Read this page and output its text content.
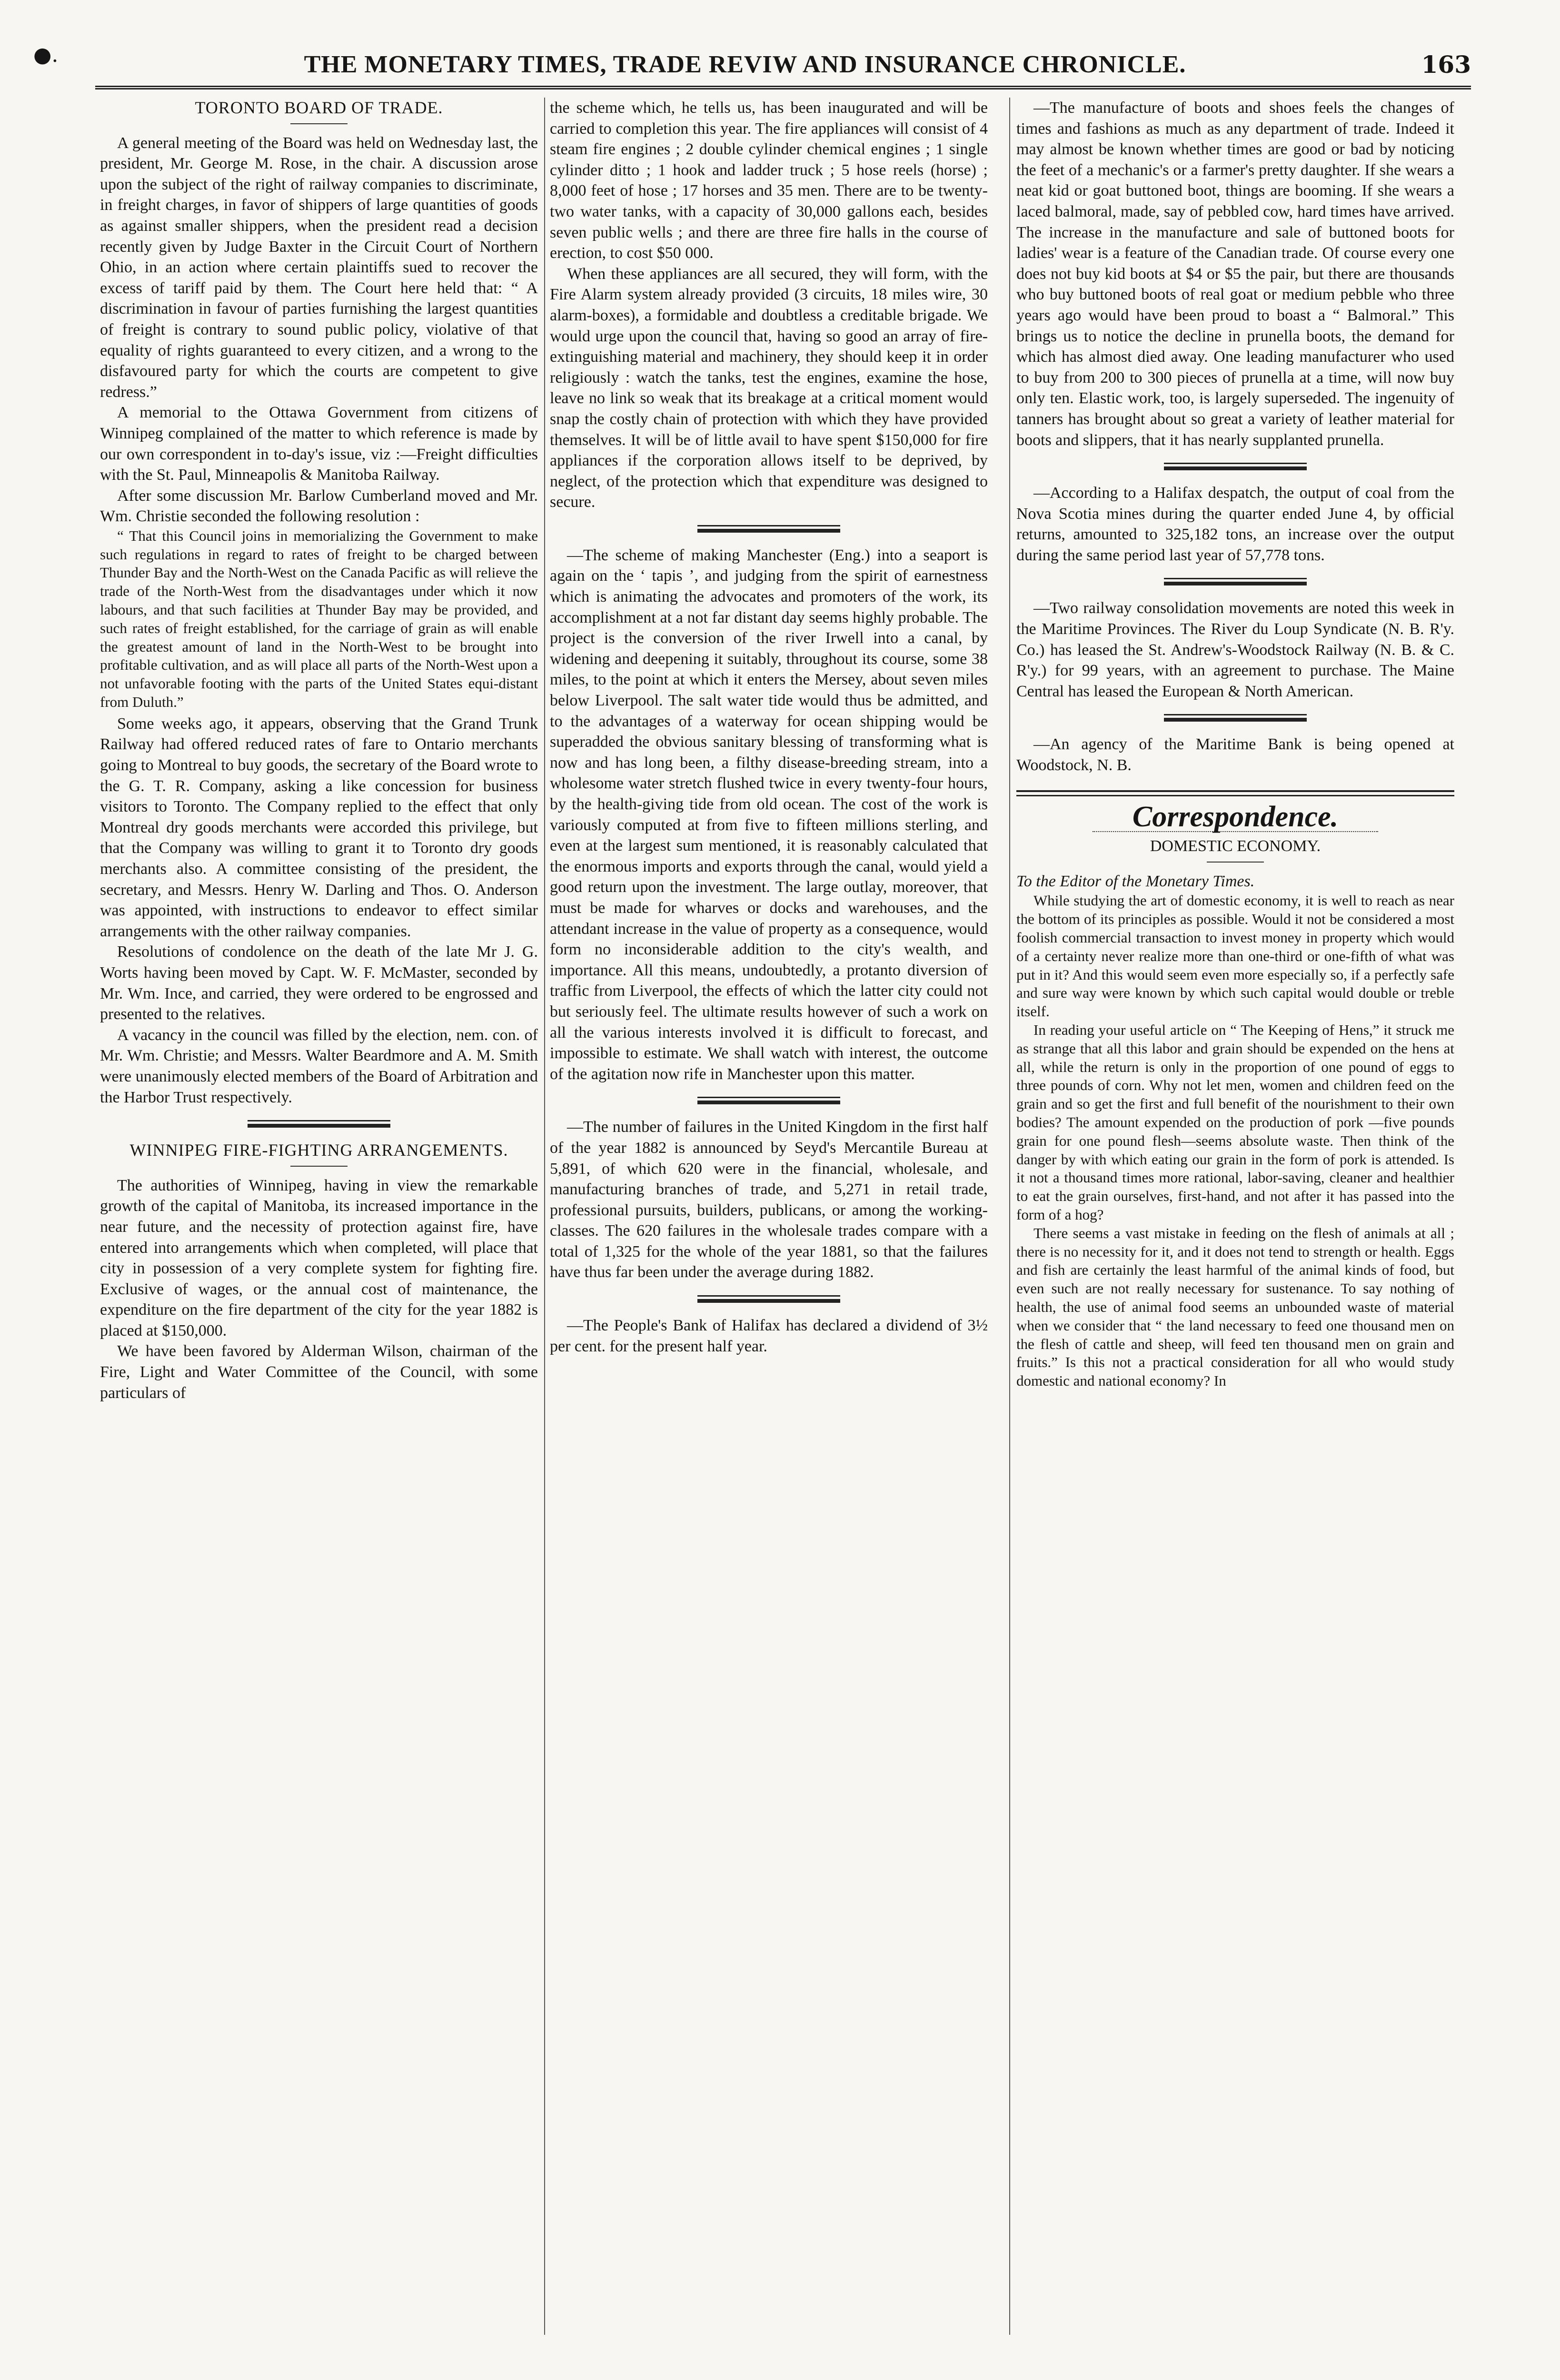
●.	THE MONETARY TIMES, TRADE REVIW AND INSURANCE CHRONICLE.	163
TORONTO BOARD OF TRADE.

A general meeting of the Board was held on Wednesday last, the president, Mr. George M. Rose, in the chair. A discussion arose upon the subject of the right of railway companies to discriminate, in freight charges, in favor of shippers of large quantities of goods as against smaller shippers, when the president read a decision recently given by Judge Baxter in the Circuit Court of Northern Ohio, in an action where certain plaintiffs sued to recover the excess of tariff paid by them. The Court here held that: “ A discrimination in favour of parties furnishing the largest quantities of freight is contrary to sound public policy, violative of that equality of rights guaranteed to every citizen, and a wrong to the disfavoured party for which the courts are competent to give redress.”

A memorial to the Ottawa Government from citizens of Winnipeg complained of the matter to which reference is made by our own correspondent in to-day's issue, viz :—Freight difficulties with the St. Paul, Minneapolis & Manitoba Railway.

After some discussion Mr. Barlow Cumberland moved and Mr. Wm. Christie seconded the following resolution :

“ That this Council joins in memorializing the Government to make such regulations in regard to rates of freight to be charged between Thunder Bay and the North-West on the Canada Pacific as will relieve the trade of the North-West from the disadvantages under which it now labours, and that such facilities at Thunder Bay may be provided, and such rates of freight established, for the carriage of grain as will enable the greatest amount of land in the North-West to be brought into profitable cultivation, and as will place all parts of the North-West upon a not unfavorable footing with the parts of the United States equi-distant from Duluth.”

Some weeks ago, it appears, observing that the Grand Trunk Railway had offered reduced rates of fare to Ontario merchants going to Montreal to buy goods, the secretary of the Board wrote to the G. T. R. Company, asking a like concession for business visitors to Toronto. The Company replied to the effect that only Montreal dry goods merchants were accorded this privilege, but that the Company was willing to grant it to Toronto dry goods merchants also. A committee consisting of the president, the secretary, and Messrs. Henry W. Darling and Thos. O. Anderson was appointed, with instructions to endeavor to effect similar arrangements with the other railway companies.

Resolutions of condolence on the death of the late Mr J. G. Worts having been moved by Capt. W. F. McMaster, seconded by Mr. Wm. Ince, and carried, they were ordered to be engrossed and presented to the relatives.

A vacancy in the council was filled by the election, nem. con. of Mr. Wm. Christie; and Messrs. Walter Beardmore and A. M. Smith were unanimously elected members of the Board of Arbitration and the Harbor Trust respectively.

WINNIPEG FIRE-FIGHTING ARRANGEMENTS.

The authorities of Winnipeg, having in view the remarkable growth of the capital of Manitoba, its increased importance in the near future, and the necessity of protection against fire, have entered into arrangements which when completed, will place that city in possession of a very complete system for fighting fire. Exclusive of wages, or the annual cost of maintenance, the expenditure on the fire department of the city for the year 1882 is placed at $150,000.

We have been favored by Alderman Wilson, chairman of the Fire, Light and Water Committee of the Council, with some particulars of

the scheme which, he tells us, has been inaugurated and will be carried to completion this year. The fire appliances will consist of 4 steam fire engines ; 2 double cylinder chemical engines ; 1 single cylinder ditto ; 1 hook and ladder truck ; 5 hose reels (horse) ; 8,000 feet of hose ; 17 horses and 35 men. There are to be twenty-two water tanks, with a capacity of 30,000 gallons each, besides seven public wells ; and there are three fire halls in the course of erection, to cost $50 000.

When these appliances are all secured, they will form, with the Fire Alarm system already provided (3 circuits, 18 miles wire, 30 alarm-boxes), a formidable and doubtless a creditable brigade. We would urge upon the council that, having so good an array of fire-extinguishing material and machinery, they should keep it in order religiously : watch the tanks, test the engines, examine the hose, leave no link so weak that its breakage at a critical moment would snap the costly chain of protection with which they have provided themselves. It will be of little avail to have spent $150,000 for fire appliances if the corporation allows itself to be deprived, by neglect, of the protection which that expenditure was designed to secure.

—The scheme of making Manchester (Eng.) into a seaport is again on the ‘ tapis ’, and judging from the spirit of earnestness which is animating the advocates and promoters of the work, its accomplishment at a not far distant day seems highly probable. The project is the conversion of the river Irwell into a canal, by widening and deepening it suitably, throughout its course, some 38 miles, to the point at which it enters the Mersey, about seven miles below Liverpool. The salt water tide would thus be admitted, and to the advantages of a waterway for ocean shipping would be superadded the obvious sanitary blessing of transforming what is now and has long been, a filthy disease-breeding stream, into a wholesome water stretch flushed twice in every twenty-four hours, by the health-giving tide from old ocean. The cost of the work is variously computed at from five to fifteen millions sterling, and even at the largest sum mentioned, it is reasonably calculated that the enormous imports and exports through the canal, would yield a good return upon the investment. The large outlay, moreover, that must be made for wharves or docks and warehouses, and the attendant increase in the value of property as a consequence, would form no inconsiderable addition to the city's wealth, and importance. All this means, undoubtedly, a protanto diversion of traffic from Liverpool, the effects of which the latter city could not but seriously feel. The ultimate results however of such a work on all the various interests involved it is difficult to forecast, and impossible to estimate. We shall watch with interest, the outcome of the agitation now rife in Manchester upon this matter.

—The number of failures in the United Kingdom in the first half of the year 1882 is announced by Seyd's Mercantile Bureau at 5,891, of which 620 were in the financial, wholesale, and manufacturing branches of trade, and 5,271 in retail trade, professional pursuits, builders, publicans, or among the working-classes. The 620 failures in the wholesale trades compare with a total of 1,325 for the whole of the year 1881, so that the failures have thus far been under the average during 1882.

—The People's Bank of Halifax has declared a dividend of 3½ per cent. for the present half year.

—The manufacture of boots and shoes feels the changes of times and fashions as much as any department of trade. Indeed it may almost be known whether times are good or bad by noticing the feet of a mechanic's or a farmer's pretty daughter. If she wears a neat kid or goat buttoned boot, things are booming. If she wears a laced balmoral, made, say of pebbled cow, hard times have arrived. The increase in the manufacture and sale of buttoned boots for ladies' wear is a feature of the Canadian trade. Of course every one does not buy kid boots at $4 or $5 the pair, but there are thousands who buy buttoned boots of real goat or medium pebble who three years ago would have been proud to boast a “ Balmoral.” This brings us to notice the decline in prunella boots, the demand for which has almost died away. One leading manufacturer who used to buy from 200 to 300 pieces of prunella at a time, will now buy only ten. Elastic work, too, is largely superseded. The ingenuity of tanners has brought about so great a variety of leather material for boots and slippers, that it has nearly supplanted prunella.

—According to a Halifax despatch, the output of coal from the Nova Scotia mines during the quarter ended June 4, by official returns, amounted to 325,182 tons, an increase over the output during the same period last year of 57,778 tons.

—Two railway consolidation movements are noted this week in the Maritime Provinces. The River du Loup Syndicate (N. B. R'y. Co.) has leased the St. Andrew's-Woodstock Railway (N. B. & C. R'y.) for 99 years, with an agreement to purchase. The Maine Central has leased the European & North American.

—An agency of the Maritime Bank is being opened at Woodstock, N. B.

Correspondence.
DOMESTIC ECONOMY.

To the Editor of the Monetary Times.

While studying the art of domestic economy, it is well to reach as near the bottom of its principles as possible. Would it not be considered a most foolish commercial transaction to invest money in property which would of a certainty never realize more than one-third or one-fifth of what was put in it? And this would seem even more especially so, if a perfectly safe and sure way were known by which such capital would double or treble itself.

In reading your useful article on “ The Keeping of Hens,” it struck me as strange that all this labor and grain should be expended on the hens at all, while the return is only in the proportion of one pound of eggs to three pounds of corn. Why not let men, women and children feed on the grain and so get the first and full benefit of the nourishment to their own bodies? The amount expended on the production of pork —five pounds grain for one pound flesh—seems absolute waste. Then think of the danger by with which eating our grain in the form of pork is attended. Is it not a thousand times more rational, labor-saving, cleaner and healthier to eat the grain ourselves, first-hand, and not after it has passed into the form of a hog?

There seems a vast mistake in feeding on the flesh of animals at all ; there is no necessity for it, and it does not tend to strength or health. Eggs and fish are certainly the least harmful of the animal kinds of food, but even such are not really necessary for sustenance. To say nothing of health, the use of animal food seems an unbounded waste of material when we consider that “ the land necessary to feed one thousand men on the flesh of cattle and sheep, will feed ten thousand men on grain and fruits.” Is this not a practical consideration for all who would study domestic and national economy? In
